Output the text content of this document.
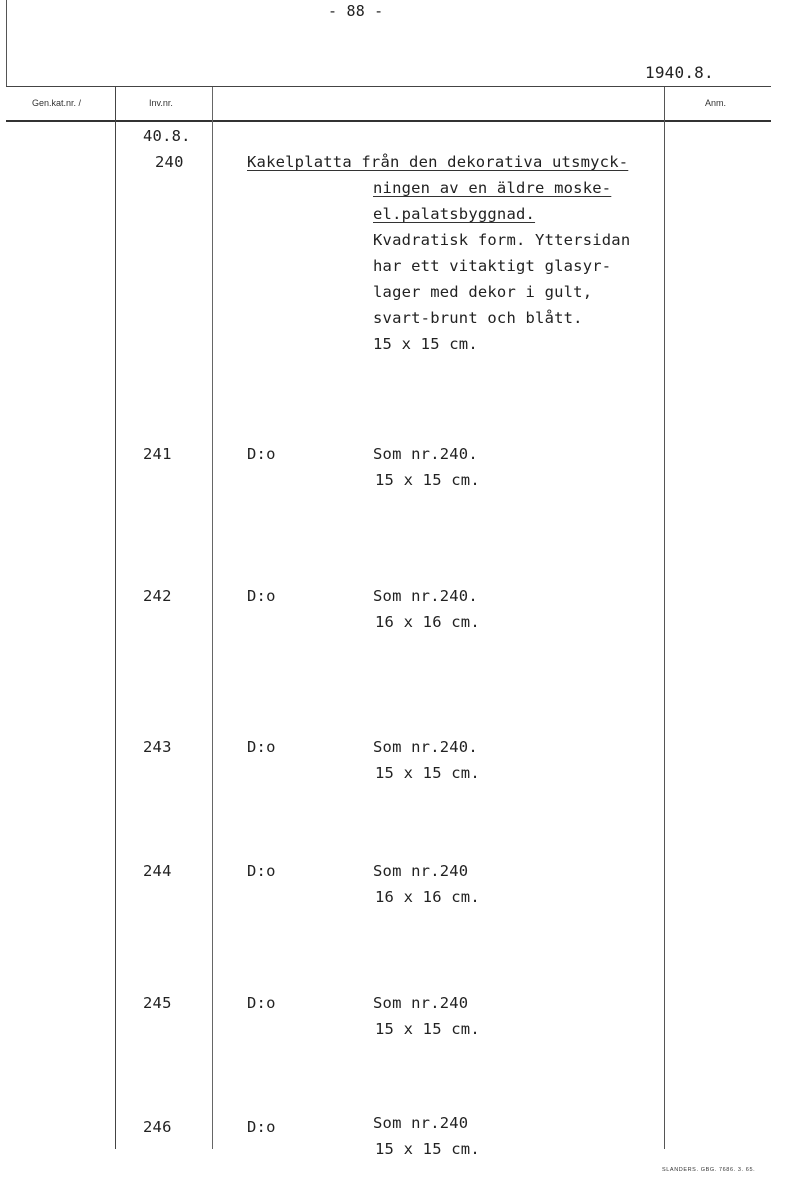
- 88 -
1940.8.
Gen.kat.nr. /	Inv.nr.	Anm.
40.8.
240	Kakelplatta från den dekorativa utsmyck-
ningen av en äldre moske-
el.palatsbyggnad.
Kvadratisk form. Yttersidan
har ett vitaktigt glasyr-
lager med dekor i gult,
svart-brunt och blått.
15 x 15 cm.
241	D:o	Som nr.240.
15 x 15 cm.
242	D:o	Som nr.240.
16 x 16 cm.
243	D:o	Som nr.240.
15 x 15 cm.
244	D:o	Som nr.240
16 x 16 cm.
245	D:o	Som nr.240
15 x 15 cm.
246	D:o	Som nr.240
15 x 15 cm.
SLANDERS. GBG. 7686. 3. 65.
